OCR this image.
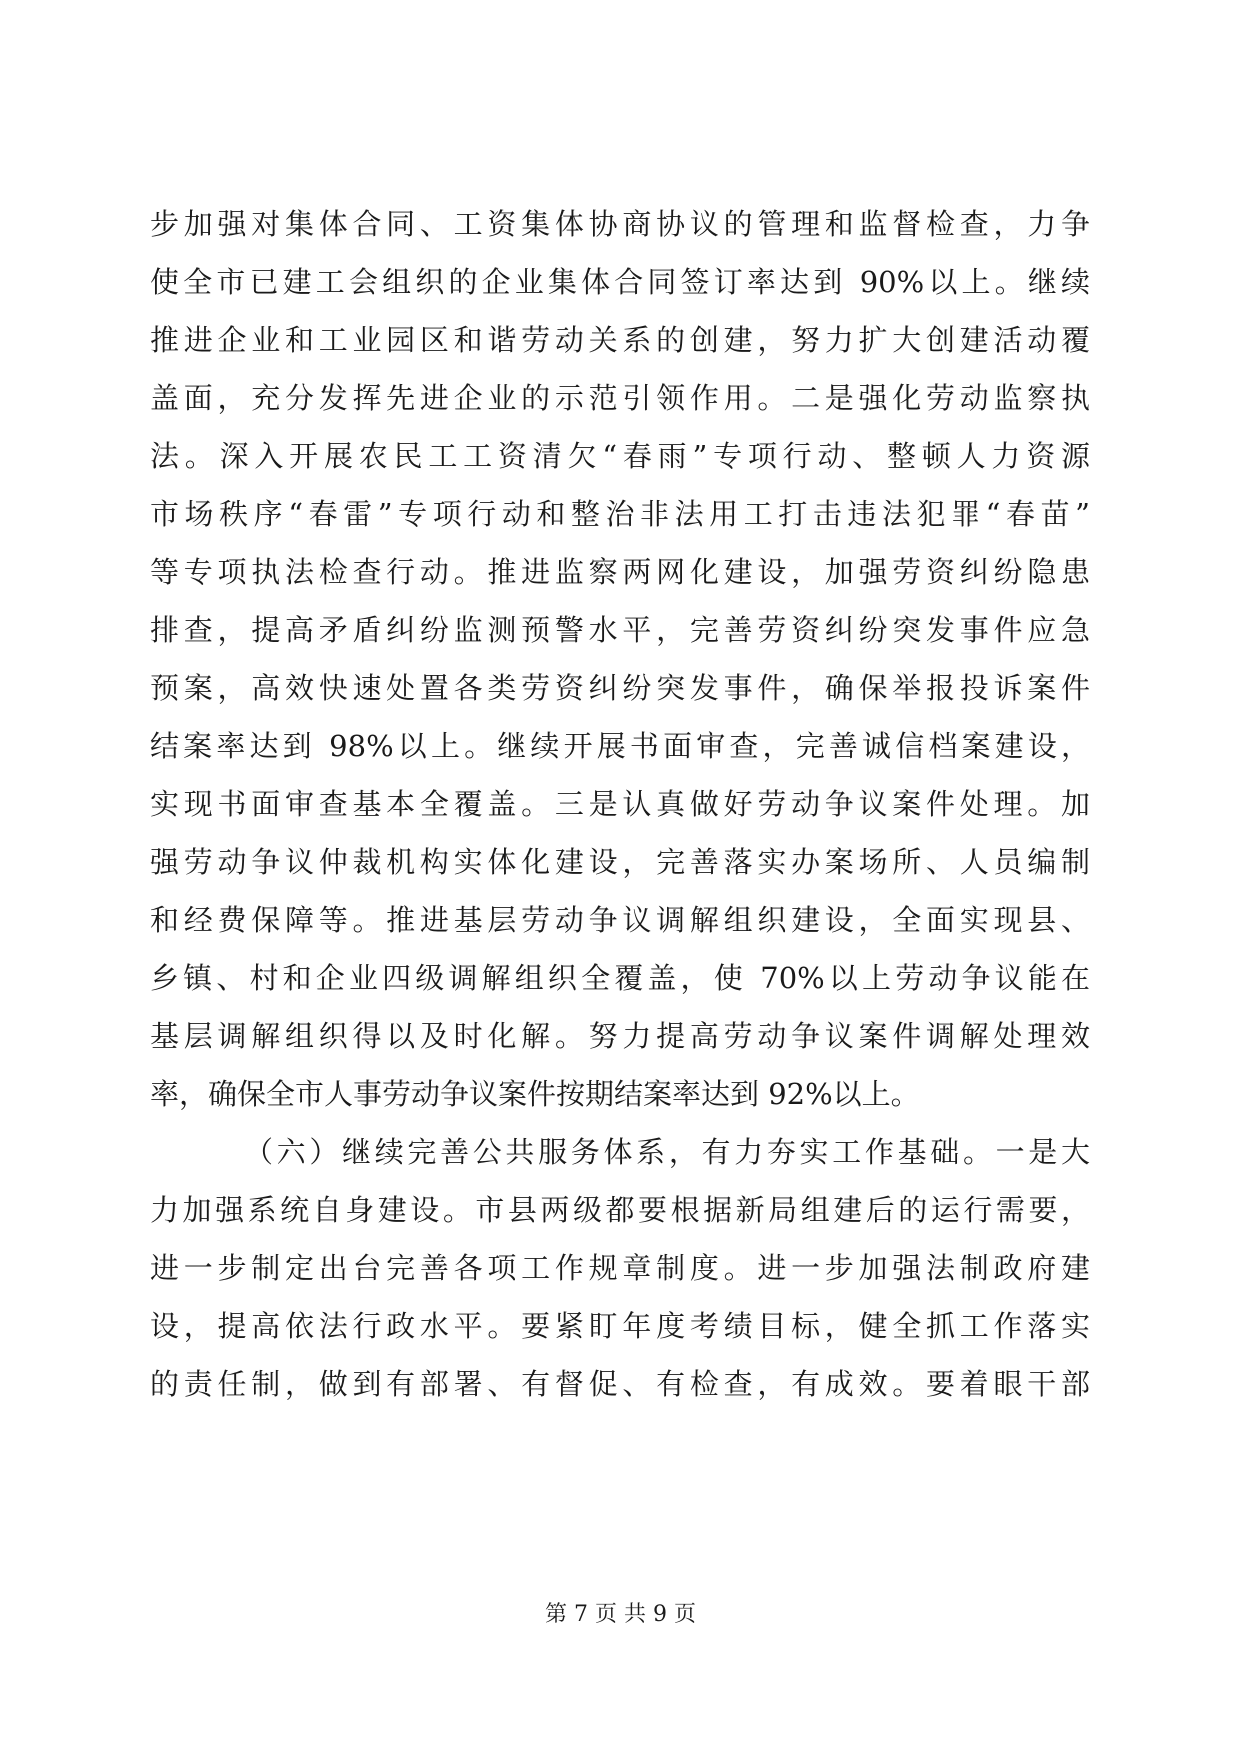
步加强对集体合同、工资集体协商协议的管理和监督检查，力争
使全市已建工会组织的企业集体合同签订率达到 90%以上。继续
推进企业和工业园区和谐劳动关系的创建，努力扩大创建活动覆
盖面，充分发挥先进企业的示范引领作用。二是强化劳动监察执
法。深入开展农民工工资清欠“春雨”专项行动、整顿人力资源
市场秩序“春雷”专项行动和整治非法用工打击违法犯罪“春苗”
等专项执法检查行动。推进监察两网化建设，加强劳资纠纷隐患
排查，提高矛盾纠纷监测预警水平，完善劳资纠纷突发事件应急
预案，高效快速处置各类劳资纠纷突发事件，确保举报投诉案件
结案率达到 98%以上。继续开展书面审查，完善诚信档案建设，
实现书面审查基本全覆盖。三是认真做好劳动争议案件处理。加
强劳动争议仲裁机构实体化建设，完善落实办案场所、人员编制
和经费保障等。推进基层劳动争议调解组织建设，全面实现县、
乡镇、村和企业四级调解组织全覆盖，使 70%以上劳动争议能在
基层调解组织得以及时化解。努力提高劳动争议案件调解处理效
率，确保全市人事劳动争议案件按期结案率达到 92%以上。
（六）继续完善公共服务体系，有力夯实工作基础。一是大
力加强系统自身建设。市县两级都要根据新局组建后的运行需要，
进一步制定出台完善各项工作规章制度。进一步加强法制政府建
设，提高依法行政水平。要紧盯年度考绩目标，健全抓工作落实
的责任制，做到有部署、有督促、有检查，有成效。要着眼干部
第 7 页 共 9 页
